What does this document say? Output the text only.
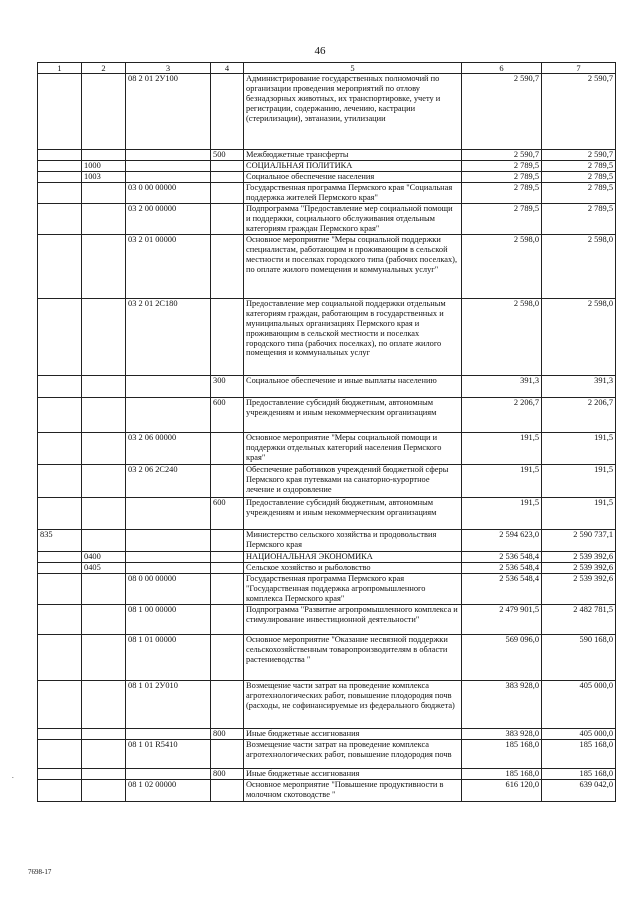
46
1	2	3	4	5	6	7
		08 2 01 2У100		Администрирование государственных полномочий по организации проведения мероприятий по отлову безнадзорных животных, их транспортировке, учету и регистрации, содержанию, лечению, кастрации (стерилизации), эвтаназии, утилизации	2 590,7	2 590,7
			500	Межбюджетные трансферты	2 590,7	2 590,7
	1000			СОЦИАЛЬНАЯ ПОЛИТИКА	2 789,5	2 789,5
	1003			Социальное обеспечение населения	2 789,5	2 789,5
		03 0 00 00000		Государственная программа Пермского края "Социальная поддержка жителей Пермского края"	2 789,5	2 789,5
		03 2 00 00000		Подпрограмма "Предоставление мер социальной помощи и поддержки, социального обслуживания отдельным категориям граждан Пермского края"	2 789,5	2 789,5
		03 2 01 00000		Основное мероприятие "Меры социальной поддержки специалистам, работающим и проживающим в сельской местности и поселках городского типа (рабочих поселках), по оплате жилого помещения и коммунальных услуг"	2 598,0	2 598,0
		03 2 01 2С180		Предоставление мер социальной поддержки отдельным категориям граждан, работающим в государственных и муниципальных организациях Пермского края и проживающим в сельской местности и поселках городского типа (рабочих поселках), по оплате жилого помещения и коммунальных услуг	2 598,0	2 598,0
			300	Социальное обеспечение и иные выплаты населению	391,3	391,3
			600	Предоставление субсидий бюджетным, автономным учреждениям и иным некоммерческим организациям	2 206,7	2 206,7
		03 2 06 00000		Основное мероприятие "Меры социальной помощи и поддержки отдельных категорий населения Пермского края"	191,5	191,5
		03 2 06 2С240		Обеспечение работников учреждений бюджетной сферы Пермского края путевками на санаторно-курортное лечение и оздоровление	191,5	191,5
			600	Предоставление субсидий бюджетным, автономным учреждениям и иным некоммерческим организациям	191,5	191,5
835				Министерство сельского хозяйства и продовольствия Пермского края	2 594 623,0	2 590 737,1
	0400			НАЦИОНАЛЬНАЯ ЭКОНОМИКА	2 536 548,4	2 539 392,6
	0405			Сельское хозяйство и рыболовство	2 536 548,4	2 539 392,6
		08 0 00 00000		Государственная программа Пермского края "Государственная поддержка агропромышленного комплекса Пермского края"	2 536 548,4	2 539 392,6
		08 1 00 00000		Подпрограмма "Развитие агропромышленного комплекса и стимулирование инвестиционной деятельности"	2 479 901,5	2 482 781,5
		08 1 01 00000		Основное мероприятие "Оказание несвязной поддержки сельскохозяйственным товаропроизводителям в области растениеводства "	569 096,0	590 168,0
		08 1 01 2У010		Возмещение части затрат на проведение комплекса агротехнологических работ, повышение плодородия почв (расходы, не софинансируемые из федерального бюджета)	383 928,0	405 000,0
			800	Иные бюджетные ассигнования	383 928,0	405 000,0
		08 1 01 R5410		Возмещение части затрат на проведение комплекса агротехнологических работ, повышение плодородия почв	185 168,0	185 168,0
			800	Иные бюджетные ассигнования	185 168,0	185 168,0
		08 1 02 00000		Основное мероприятие "Повышение продуктивности в молочном скотоводстве "	616 120,0	639 042,0
.
7698-17
